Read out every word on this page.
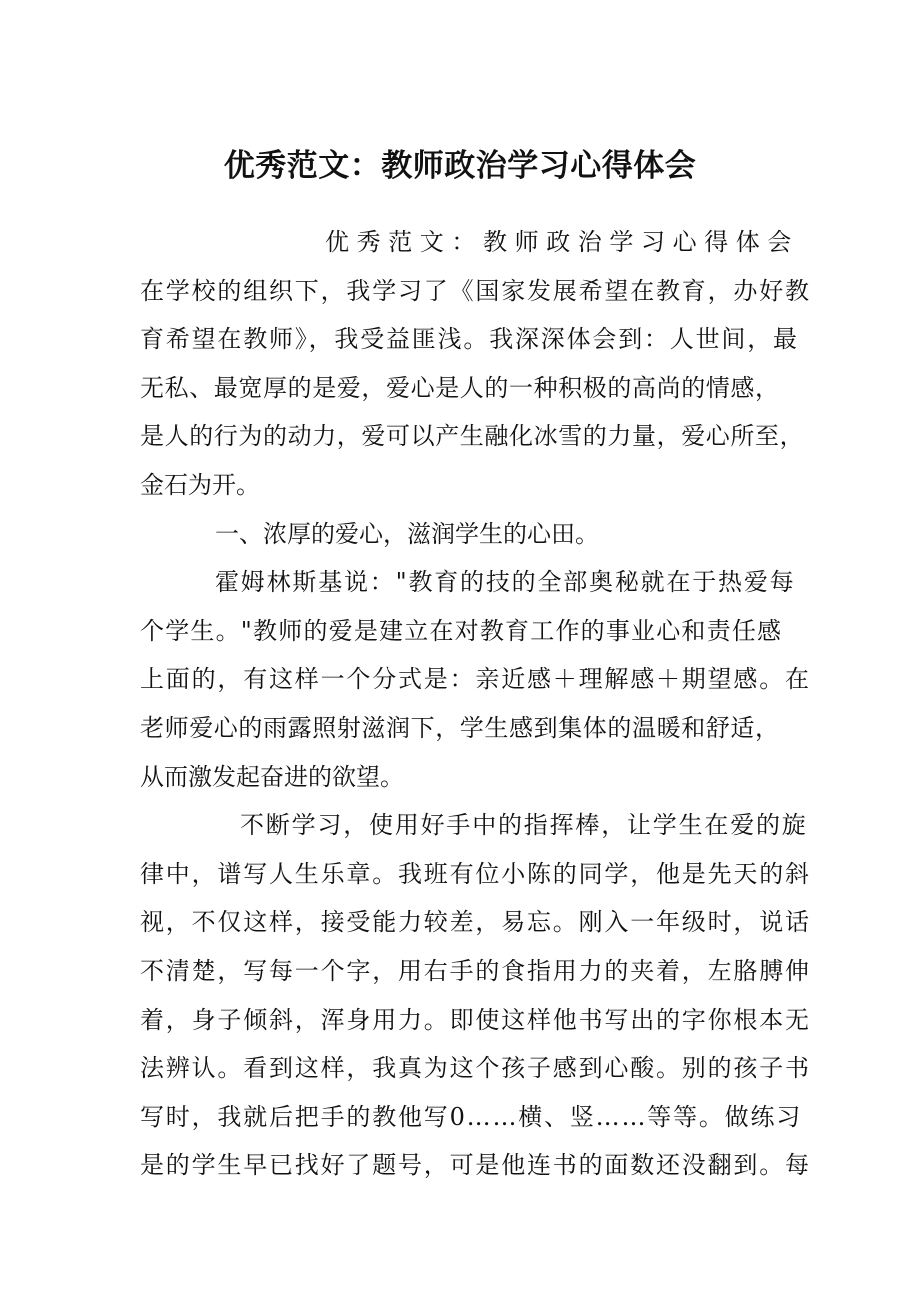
优秀范文：教师政治学习心得体会
优秀范文：教师政治学习心得体会

在学校的组织下，我学习了《国家发展希望在教育，办好教
育希望在教师》，我受益匪浅。我深深体会到：人世间，最
无私、最宽厚的是爱，爱心是人的一种积极的高尚的情感，
是人的行为的动力，爱可以产生融化冰雪的力量，爱心所至，
金石为开。

一、浓厚的爱心，滋润学生的心田。

霍姆林斯基说："教育的技的全部奥秘就在于热爱每
个学生。"教师的爱是建立在对教育工作的事业心和责任感
上面的，有这样一个分式是：亲近感＋理解感＋期望感。在
老师爱心的雨露照射滋润下，学生感到集体的温暖和舒适，
从而激发起奋进的欲望。

不断学习，使用好手中的指挥棒，让学生在爱的旋
律中，谱写人生乐章。我班有位小陈的同学，他是先天的斜
视，不仅这样，接受能力较差，易忘。刚入一年级时，说话
不清楚，写每一个字，用右手的食指用力的夹着，左胳膊伸
着，身子倾斜，浑身用力。即使这样他书写出的字你根本无
法辨认。看到这样，我真为这个孩子感到心酸。别的孩子书
写时，我就后把手的教他写0……横、竖……等等。做练习
是的学生早已找好了题号，可是他连书的面数还没翻到。每
